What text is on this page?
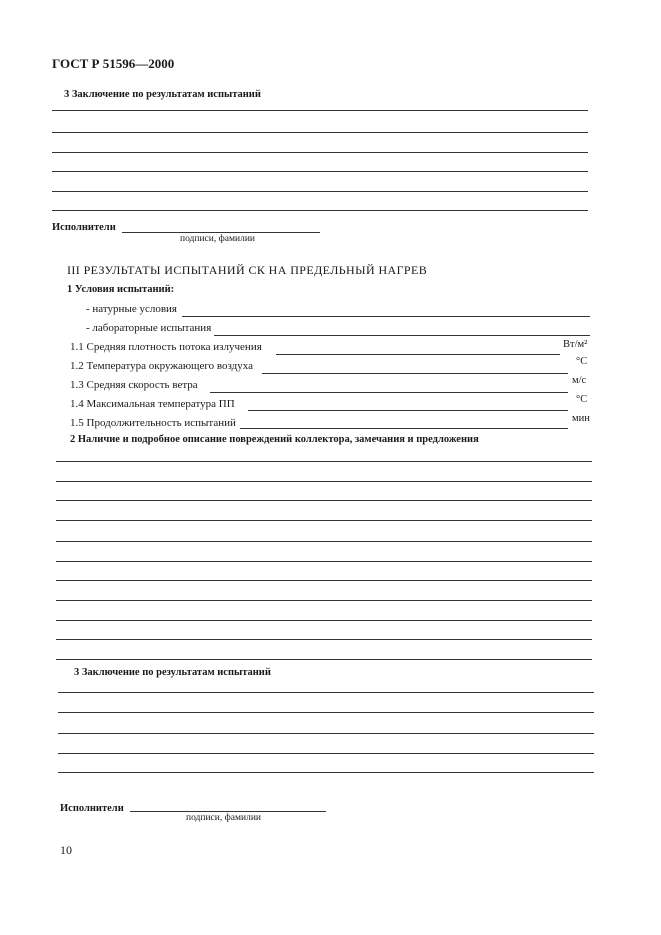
ГОСТ Р 51596—2000
3 Заключение по результатам испытаний
Исполнители
подписи, фамилии
III РЕЗУЛЬТАТЫ ИСПЫТАНИЙ СК НА ПРЕДЕЛЬНЫЙ НАГРЕВ
1 Условия испытаний:
- натурные условия
- лабораторные испытания
1.1 Средняя плотность потока излучения	Вт/м²
1.2 Температура окружающего воздуха	°С
1.3 Средняя скорость ветра	м/с
1.4 Максимальная температура ПП	°С
1.5 Продолжительность испытаний	мин
2 Наличие и подробное описание повреждений коллектора, замечания и предложения
3 Заключение по результатам испытаний
Исполнители
подписи, фамилии
10
